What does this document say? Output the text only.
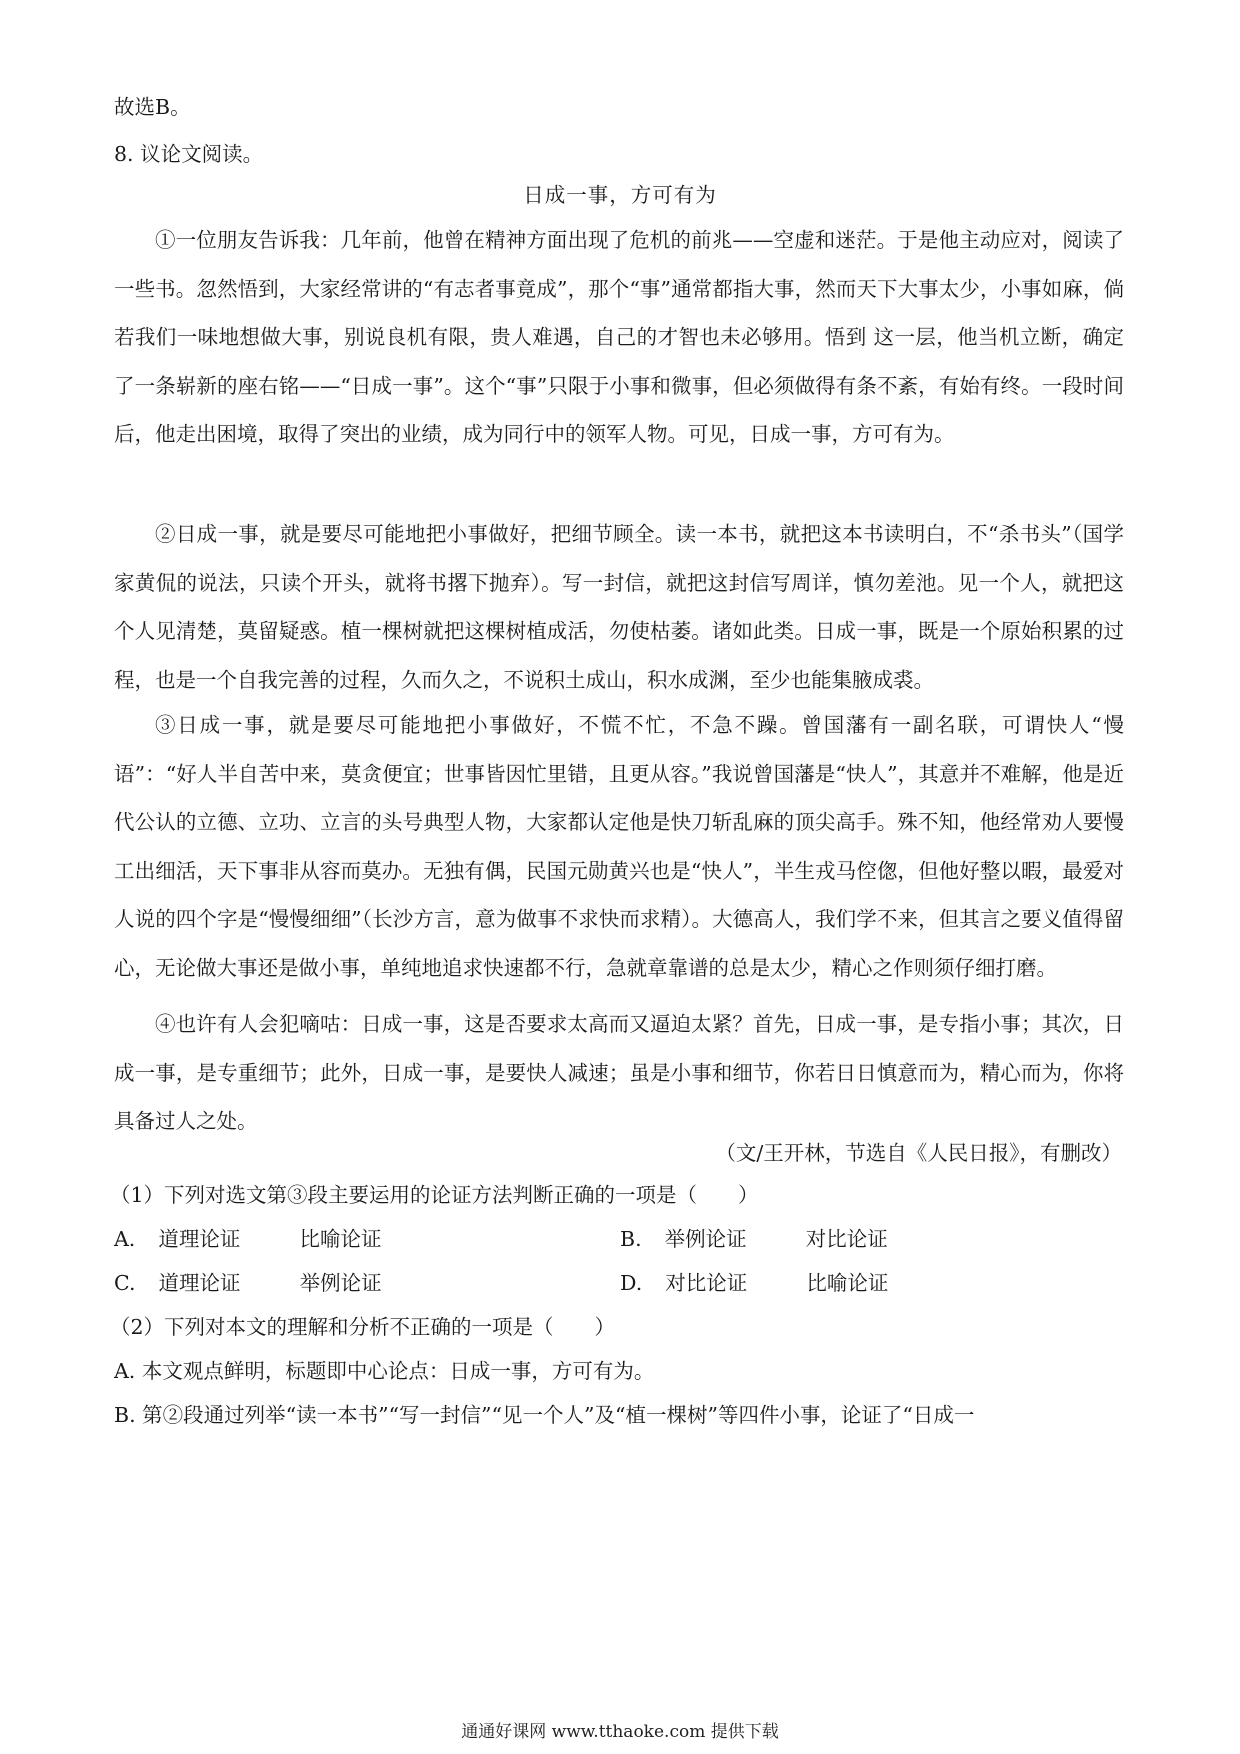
故选B。
8. 议论文阅读。
日成一事，方可有为
①一位朋友告诉我：几年前，他曾在精神方面出现了危机的前兆——空虚和迷茫。于是他主动应对，阅读了一些书。忽然悟到，大家经常讲的“有志者事竟成”，那个“事”通常都指大事，然而天下大事太少，小事如麻，倘若我们一味地想做大事，别说良机有限，贵人难遇，自己的才智也未必够用。悟到 这一层，他当机立断，确定了一条崭新的座右铭——“日成一事”。这个“事”只限于小事和微事，但必须做得有条不紊，有始有终。一段时间后，他走出困境，取得了突出的业绩，成为同行中的领军人物。可见，日成一事，方可有为。
②日成一事，就是要尽可能地把小事做好，把细节顾全。读一本书，就把这本书读明白，不“杀书头”（国学家黄侃的说法，只读个开头，就将书撂下抛弃）。写一封信，就把这封信写周详，慎勿差池。见一个人，就把这个人见清楚，莫留疑惑。植一棵树就把这棵树植成活，勿使枯萎。诸如此类。日成一事，既是一个原始积累的过程，也是一个自我完善的过程，久而久之，不说积土成山，积水成渊，至少也能集腋成裘。
③日成一事，就是要尽可能地把小事做好，不慌不忙，不急不躁。曾国藩有一副名联，可谓快人“慢语”：“好人半自苦中来，莫贪便宜；世事皆因忙里错，且更从容。”我说曾国藩是“快人”，其意并不难解，他是近代公认的立德、立功、立言的头号典型人物，大家都认定他是快刀斩乱麻的顶尖高手。殊不知，他经常劝人要慢工出细活，天下事非从容而莫办。无独有偶，民国元勋黄兴也是“快人”，半生戎马倥偬，但他好整以暇，最爱对人说的四个字是“慢慢细细”（长沙方言，意为做事不求快而求精）。大德高人，我们学不来，但其言之要义值得留心，无论做大事还是做小事，单纯地追求快速都不行，急就章靠谱的总是太少，精心之作则须仔细打磨。
④也许有人会犯嘀咕：日成一事，这是否要求太高而又逼迫太紧？首先，日成一事，是专指小事；其次，日成一事，是专重细节；此外，日成一事，是要快人减速；虽是小事和细节，你若日日慎意而为，精心而为，你将具备过人之处。
（文/王开林，节选自《人民日报》，有删改）
（1）下列对选文第③段主要运用的论证方法判断正确的一项是（　　）
A. 道理论证	比喻论证	B. 举例论证	对比论证
C. 道理论证	举例论证	D. 对比论证	比喻论证
（2）下列对本文的理解和分析不正确的一项是（　　）
A. 本文观点鲜明，标题即中心论点：日成一事，方可有为。
B. 第②段通过列举“读一本书”“写一封信”“见一个人”及“植一棵树”等四件小事，论证了“日成一
通通好课网 www.tthaoke.com 提供下载
